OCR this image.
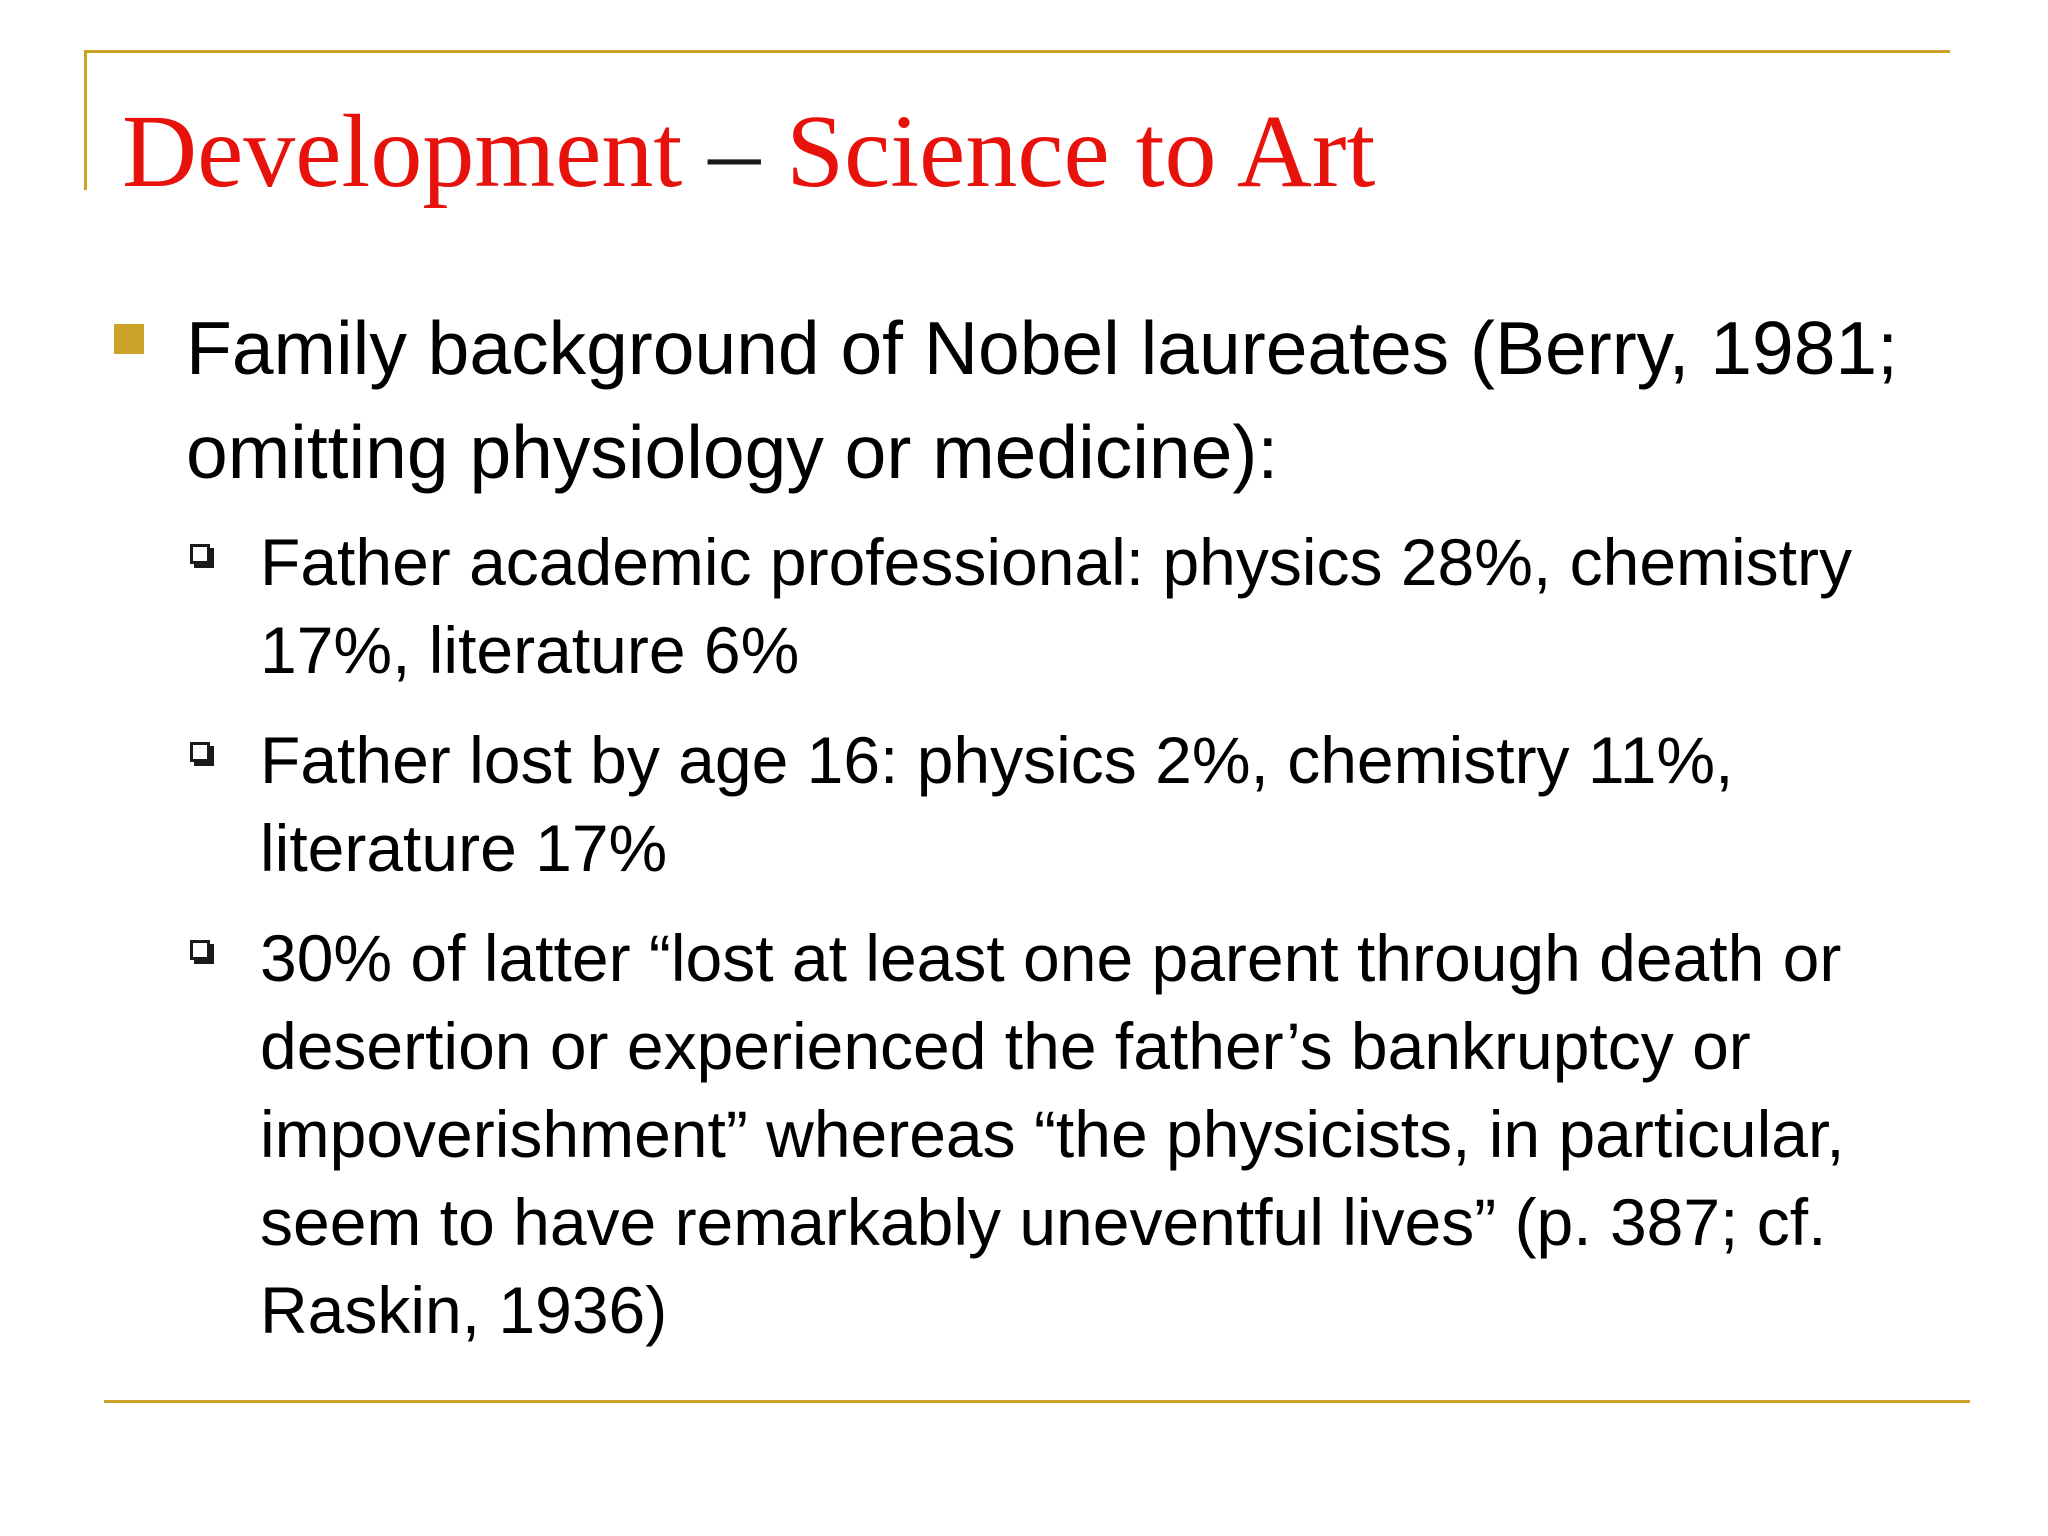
Development – Science to Art
Family background of Nobel laureates (Berry, 1981; omitting physiology or medicine):
Father academic professional: physics 28%, chemistry 17%, literature 6%
Father lost by age 16: physics 2%, chemistry 11%, literature 17%
30% of latter “lost at least one parent through death or desertion or experienced the father’s bankruptcy or impoverishment” whereas “the physicists, in particular, seem to have remarkably uneventful lives” (p. 387; cf. Raskin, 1936)
